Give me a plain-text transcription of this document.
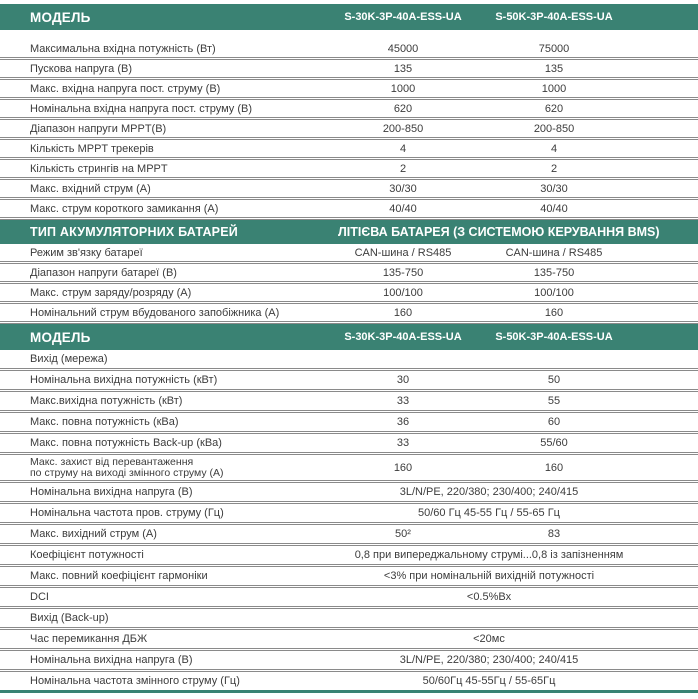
МОДЕЛЬ	S-30K-3P-40A-ESS-UA	S-50K-3P-40A-ESS-UA
Максимальна вхідна потужність (Вт)	45000	75000
Пускова напруга (В)	135	135
Макс. вхідна напруга пост. струму (В)	1000	1000
Номінальна вхідна напруга пост. струму (В)	620	620
Діапазон напруги MPPT(В)	200-850	200-850
Кількість MPPT трекерів	4	4
Кількість стрингів на MPPT	2	2
Макс. вхідний струм (А)	30/30	30/30
Макс. струм короткого замикання (А)	40/40	40/40
ТИП АКУМУЛЯТОРНИХ БАТАРЕЙ	ЛІТІЄВА БАТАРЕЯ (З СИСТЕМОЮ КЕРУВАННЯ BMS)
Режим зв'язку батареї	CAN-шина / RS485	CAN-шина / RS485
Діапазон напруги батареї (В)	135-750	135-750
Макс. струм заряду/розряду (А)	100/100	100/100
Номінальний струм вбудованого запобіжника (А)	160	160
МОДЕЛЬ	S-30K-3P-40A-ESS-UA	S-50K-3P-40A-ESS-UA
Вихід (мережа)
Номінальна вихідна потужність (кВт)	30	50
Макс.вихідна потужність (кВт)	33	55
Макс. повна потужність (кВа)	36	60
Макс. повна потужність Back-up (кВа)	33	55/60
Макс. захист від перевантаження
по струму на виході змінного струму (А)	160	160
Номінальна вихідна напруга (В)	3L/N/PE, 220/380; 230/400; 240/415
Номінальна частота пров. струму (Гц)	50/60 Гц 45-55 Гц / 55-65 Гц
Макс. вихідний струм (А)	50²	83
Коефіцієнт потужності	0,8 при випереджальному струмі...0,8 із запізненням
Макс. повний коефіцієнт гармоніки	<3% при номінальній вихідній потужності
DCI	<0.5%Вх
Вихід (Back-up)
Час перемикання ДБЖ	<20мс
Номінальна вихідна напруга (В)	3L/N/PE, 220/380; 230/400; 240/415
Номінальна частота змінного струму (Гц)	50/60Гц 45-55Гц / 55-65Гц
